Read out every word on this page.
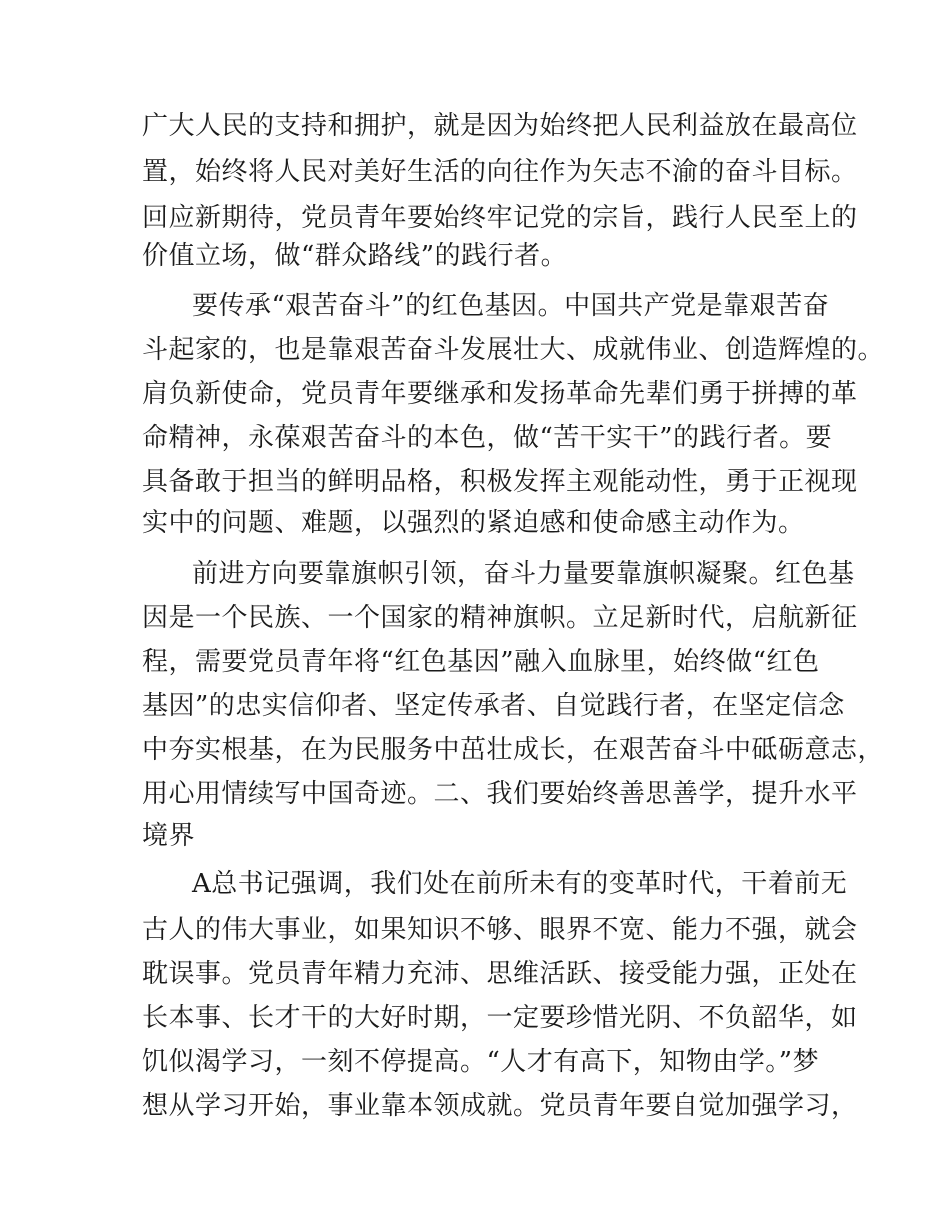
广大人民的支持和拥护，就是因为始终把人民利益放在最高位

置，始终将人民对美好生活的向往作为矢志不渝的奋斗目标。

回应新期待，党员青年要始终牢记党的宗旨，践行人民至上的

价值立场，做“群众路线”的践行者。

要传承“艰苦奋斗”的红色基因。中国共产党是靠艰苦奋

斗起家的，也是靠艰苦奋斗发展壮大、成就伟业、创造辉煌的。

肩负新使命，党员青年要继承和发扬革命先辈们勇于拼搏的革

命精神，永葆艰苦奋斗的本色，做“苦干实干”的践行者。要

具备敢于担当的鲜明品格，积极发挥主观能动性，勇于正视现

实中的问题、难题，以强烈的紧迫感和使命感主动作为。

前进方向要靠旗帜引领，奋斗力量要靠旗帜凝聚。红色基

因是一个民族、一个国家的精神旗帜。立足新时代，启航新征

程，需要党员青年将“红色基因”融入血脉里，始终做“红色

基因”的忠实信仰者、坚定传承者、自觉践行者，在坚定信念

中夯实根基，在为民服务中茁壮成长，在艰苦奋斗中砥砺意志，

用心用情续写中国奇迹。二、我们要始终善思善学，提升水平

境界

A总书记强调，我们处在前所未有的变革时代，干着前无

古人的伟大事业，如果知识不够、眼界不宽、能力不强，就会

耽误事。党员青年精力充沛、思维活跃、接受能力强，正处在

长本事、长才干的大好时期，一定要珍惜光阴、不负韶华，如

饥似渴学习，一刻不停提高。“人才有高下，知物由学。”梦

想从学习开始，事业靠本领成就。党员青年要自觉加强学习，
